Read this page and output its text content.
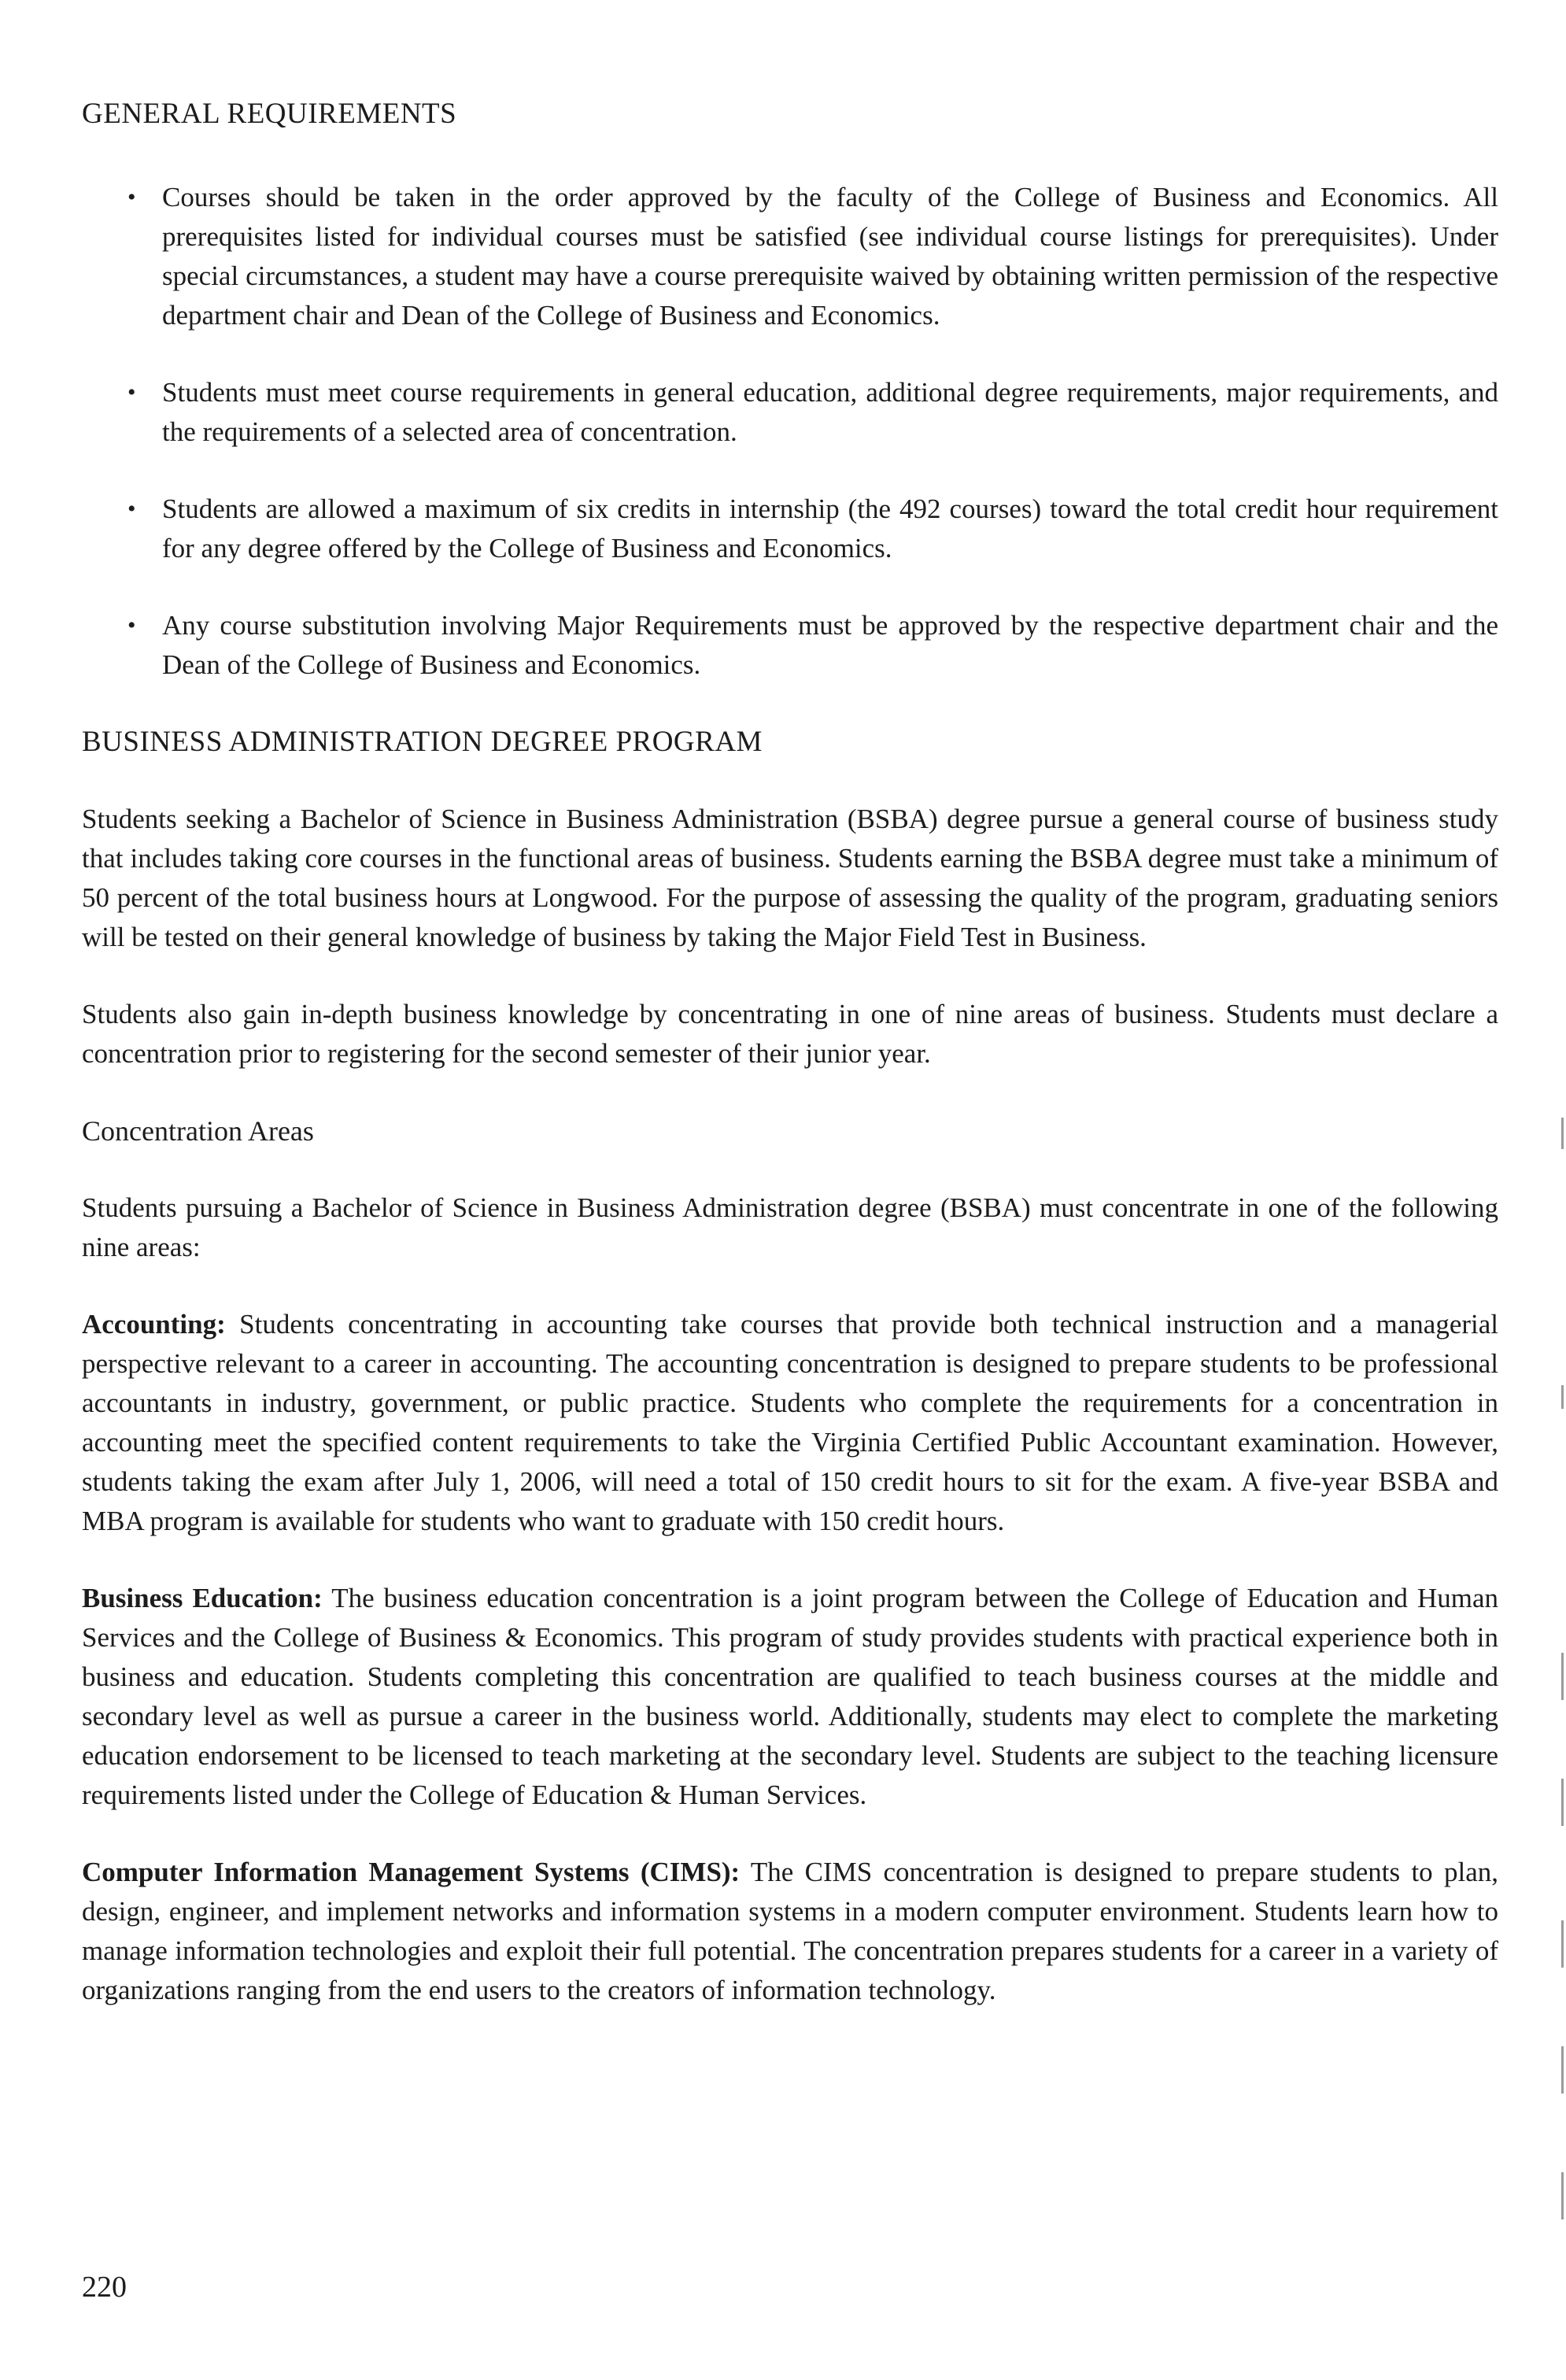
GENERAL REQUIREMENTS
• Courses should be taken in the order approved by the faculty of the College of Business and Economics. All prerequisites listed for individual courses must be satisfied (see individual course listings for prerequisites). Under special circumstances, a student may have a course prerequisite waived by obtaining written permission of the respective department chair and Dean of the College of Business and Economics.
• Students must meet course requirements in general education, additional degree requirements, major requirements, and the requirements of a selected area of concentration.
• Students are allowed a maximum of six credits in internship (the 492 courses) toward the total credit hour requirement for any degree offered by the College of Business and Economics.
• Any course substitution involving Major Requirements must be approved by the respective department chair and the Dean of the College of Business and Economics.
BUSINESS ADMINISTRATION DEGREE PROGRAM

Students seeking a Bachelor of Science in Business Administration (BSBA) degree pursue a general course of business study that includes taking core courses in the functional areas of business. Students earning the BSBA degree must take a minimum of 50 percent of the total business hours at Longwood. For the purpose of assessing the quality of the program, graduating seniors will be tested on their general knowledge of business by taking the Major Field Test in Business.

Students also gain in-depth business knowledge by concentrating in one of nine areas of business. Students must declare a concentration prior to registering for the second semester of their junior year.

Concentration Areas

Students pursuing a Bachelor of Science in Business Administration degree (BSBA) must concentrate in one of the following nine areas:

Accounting: Students concentrating in accounting take courses that provide both technical instruction and a managerial perspective relevant to a career in accounting. The accounting concentration is designed to prepare students to be professional accountants in industry, government, or public practice. Students who complete the requirements for a concentration in accounting meet the specified content requirements to take the Virginia Certified Public Accountant examination. However, students taking the exam after July 1, 2006, will need a total of 150 credit hours to sit for the exam. A five-year BSBA and MBA program is available for students who want to graduate with 150 credit hours.

Business Education: The business education concentration is a joint program between the College of Education and Human Services and the College of Business & Economics. This program of study provides students with practical experience both in business and education. Students completing this concentration are qualified to teach business courses at the middle and secondary level as well as pursue a career in the business world. Additionally, students may elect to complete the marketing education endorsement to be licensed to teach marketing at the secondary level. Students are subject to the teaching licensure requirements listed under the College of Education & Human Services.

Computer Information Management Systems (CIMS): The CIMS concentration is designed to prepare students to plan, design, engineer, and implement networks and information systems in a modern computer environment. Students learn how to manage information technologies and exploit their full potential. The concentration prepares students for a career in a variety of organizations ranging from the end users to the creators of information technology.

220
